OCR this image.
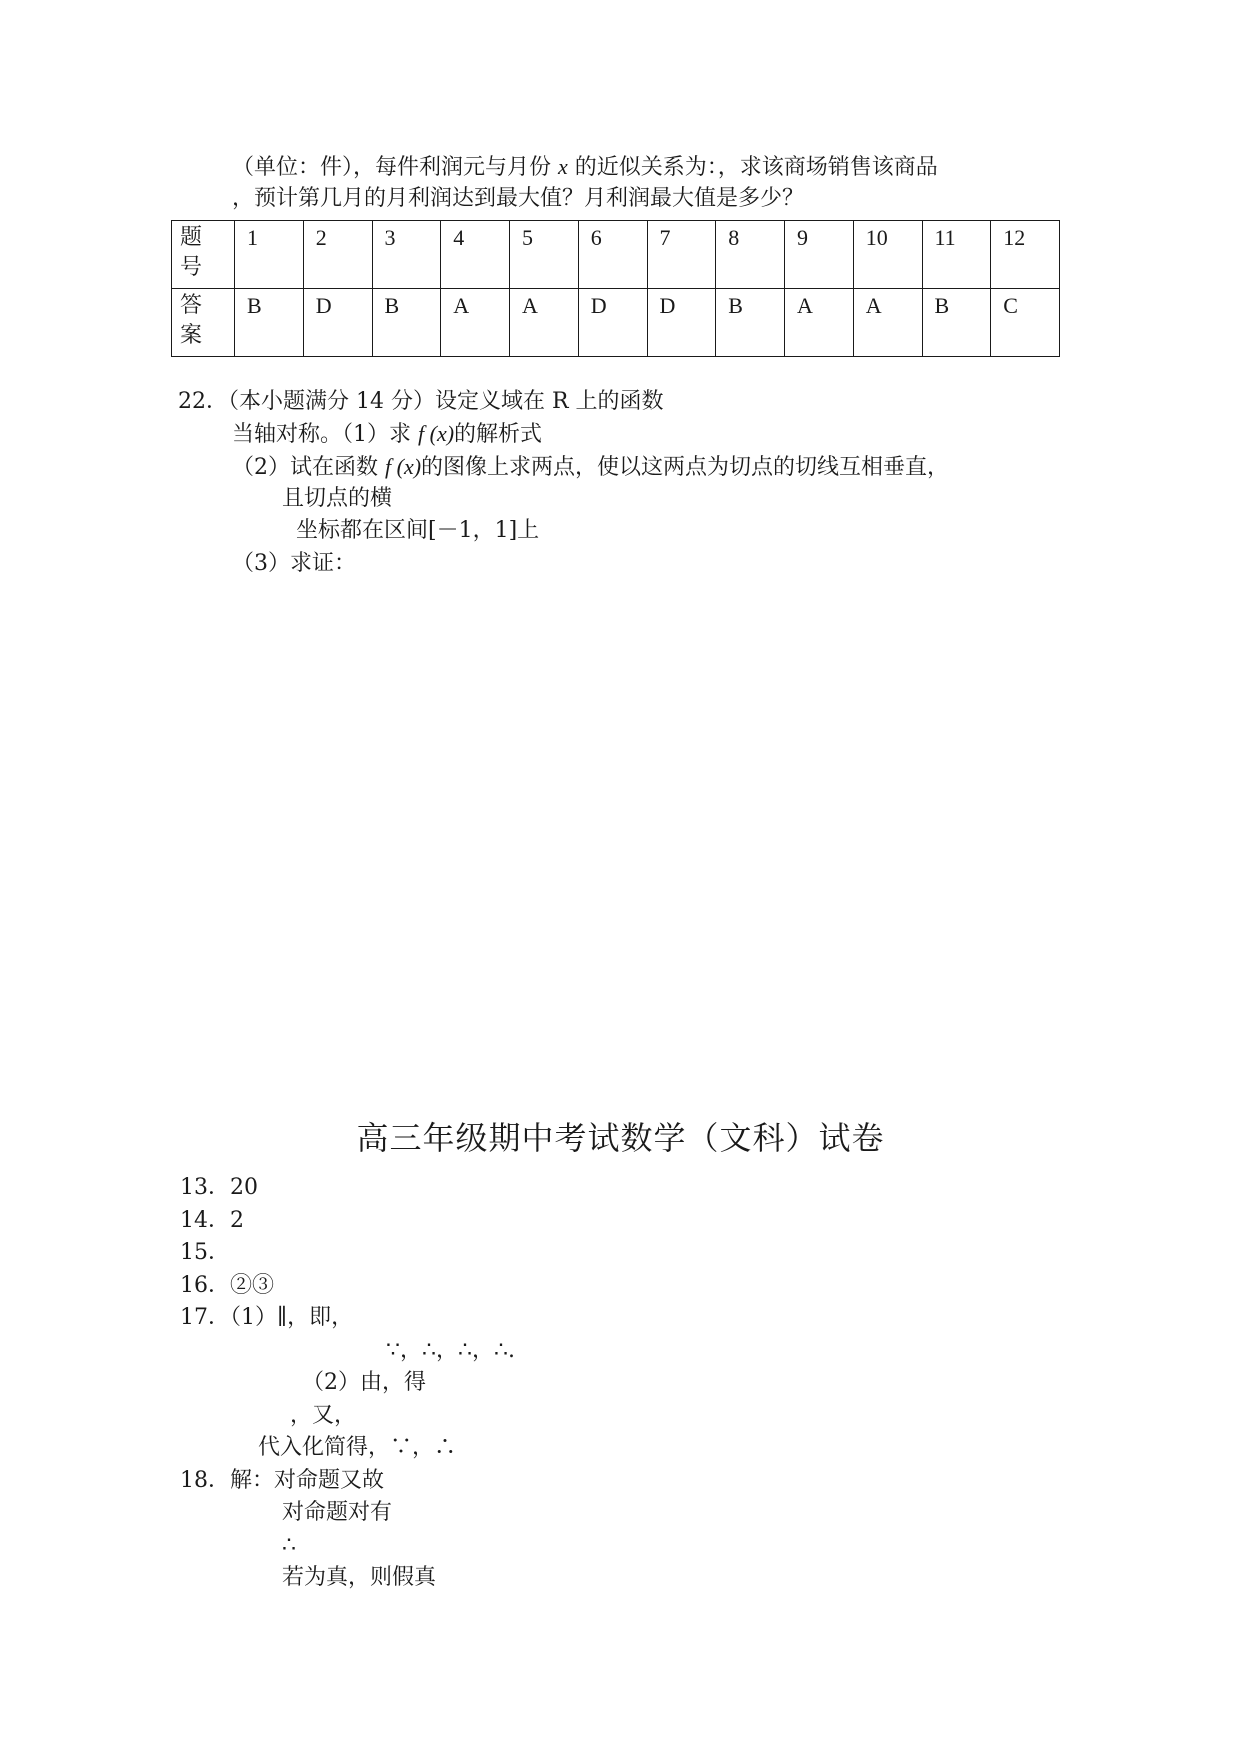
（单位：件），每件利润元与月份 x 的近似关系为：，求该商场销售该商品
，预计第几月的月利润达到最大值？月利润最大值是多少？
题
号	1	2	3	4	5	6	7	8	9	10	11	12
答
案	B	D	B	A	A	D	D	B	A	A	B	C
22．（本小题满分 14 分）设定义域在 R 上的函数
当轴对称。（1）求 f (x)的解析式
（2）试在函数 f (x)的图像上求两点，使以这两点为切点的切线互相垂直，
且切点的横
坐标都在区间[－1，1]上
（3）求证：
高三年级期中考试数学（文科）试卷
13．20
14．2
15．
16．②③
17．（1）∥，即，
∵，∴，∴，∴.
（2）由，得
，又，
代入化简得，∵，∴
18．解：对命题又故
对命题对有
∴
若为真，则假真
